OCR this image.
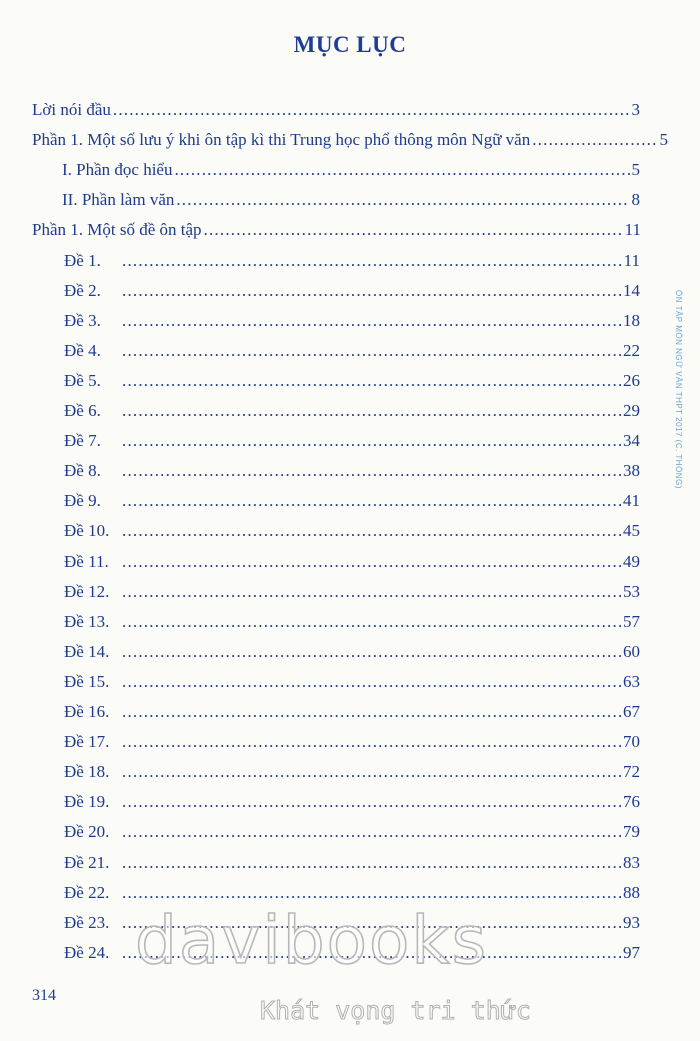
MỤC LỤC
Lời nói đầu .....	3
Phần 1. Một số lưu ý khi ôn tập kì thi Trung học phổ thông môn Ngữ văn .....	5
I. Phần đọc hiểu .....	5
II. Phần làm văn .....	8
Phần 1. Một số đề ôn tập .....	11
Đề 1. .....	11
Đề 2. .....	14
Đề 3. .....	18
Đề 4. .....	22
Đề 5. .....	26
Đề 6. .....	29
Đề 7. .....	34
Đề 8. .....	38
Đề 9. .....	41
Đề 10. .....	45
Đề 11. .....	49
Đề 12. .....	53
Đề 13. .....	57
Đề 14. .....	60
Đề 15. .....	63
Đề 16. .....	67
Đề 17. .....	70
Đề 18. .....	72
Đề 19. .....	76
Đề 20. .....	79
Đề 21. .....	83
Đề 22. .....	88
Đề 23. .....	93
Đề 24. .....	97
ÔN TẬP MÔN NGỮ VĂN THPT 2017 (C. THÔNG)
314
davibooks
Khát vọng tri thức
